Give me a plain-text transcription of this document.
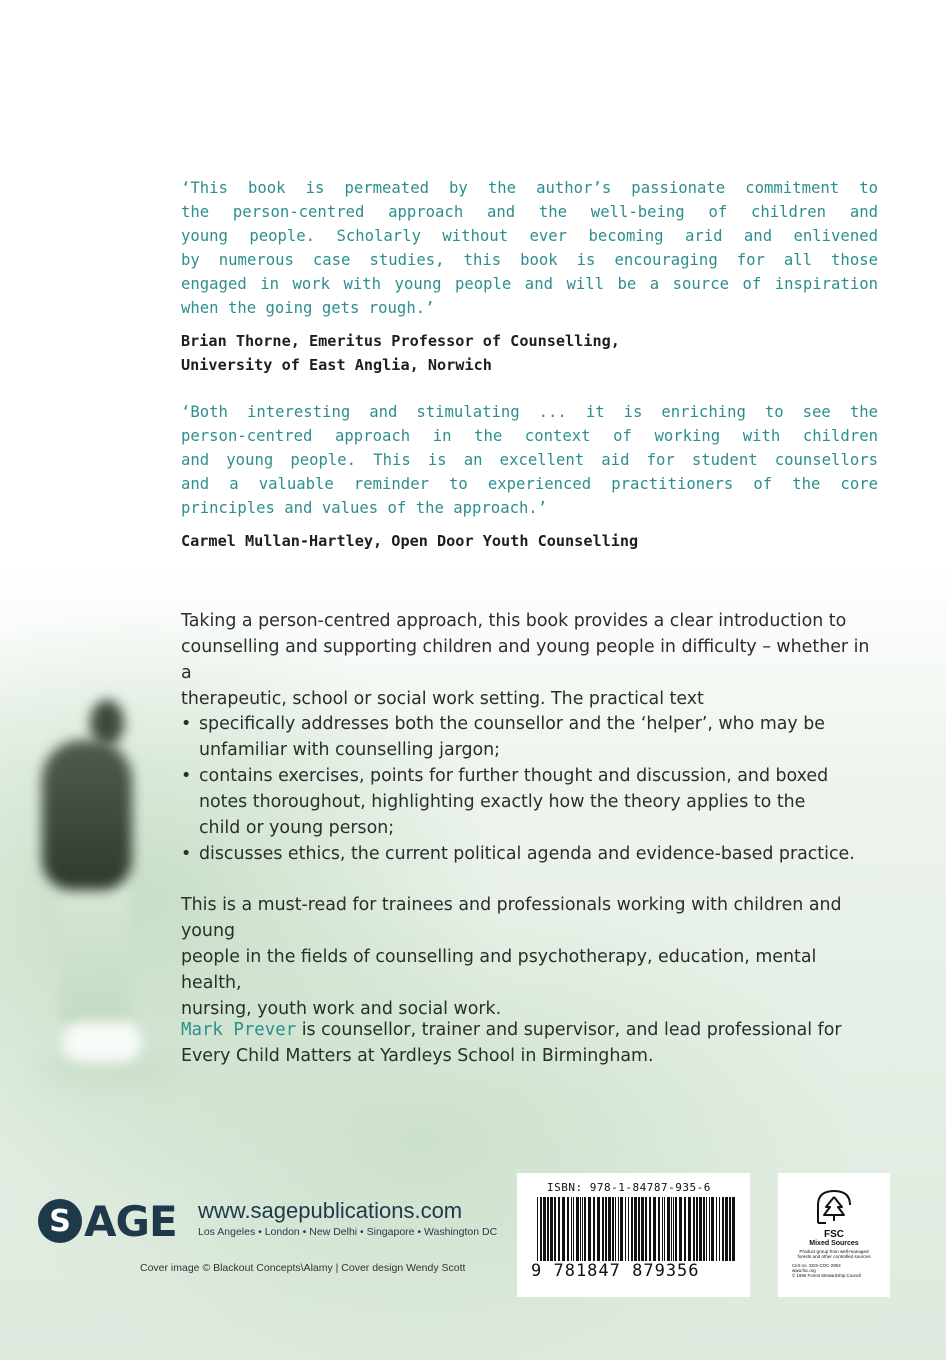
‘This book is permeated by the author’s passionate commitment to
the person-centred approach and the well-being of children and
young people. Scholarly without ever becoming arid and enlivened
by numerous case studies, this book is encouraging for all those
engaged in work with young people and will be a source of inspiration
when the going gets rough.’

Brian Thorne, Emeritus Professor of Counselling,
University of East Anglia, Norwich

‘Both interesting and stimulating ... it is enriching to see the
person-centred approach in the context of working with children
and young people. This is an excellent aid for student counsellors
and a valuable reminder to experienced practitioners of the core
principles and values of the approach.’

Carmel Mullan-Hartley, Open Door Youth Counselling
Taking a person-centred approach, this book provides a clear introduction to
counselling and supporting children and young people in difficulty – whether in a
therapeutic, school or social work setting. The practical text
• specifically addresses both the counsellor and the ‘helper’, who may be
unfamiliar with counselling jargon;
• contains exercises, points for further thought and discussion, and boxed
notes thoroughout, highlighting exactly how the theory applies to the
child or young person;
• discusses ethics, the current political agenda and evidence-based practice.
This is a must-read for trainees and professionals working with children and young
people in the fields of counselling and psychotherapy, education, mental health,
nursing, youth work and social work.
Mark Prever is counsellor, trainer and supervisor, and lead professional for
Every Child Matters at Yardleys School in Birmingham.
S AGE www.sagepublications.com
Los Angeles • London • New Delhi • Singapore • Washington DC
Cover image © Blackout Concepts\Alamy | Cover design Wendy Scott
ISBN: 978-1-84787-935-6
9 781847 879356
FSC
Mixed Sources
Product group from well-managed forests and other controlled sources
Cert no. SGS-COC-2953
www.fsc.org
© 1996 Forest Stewardship Council
